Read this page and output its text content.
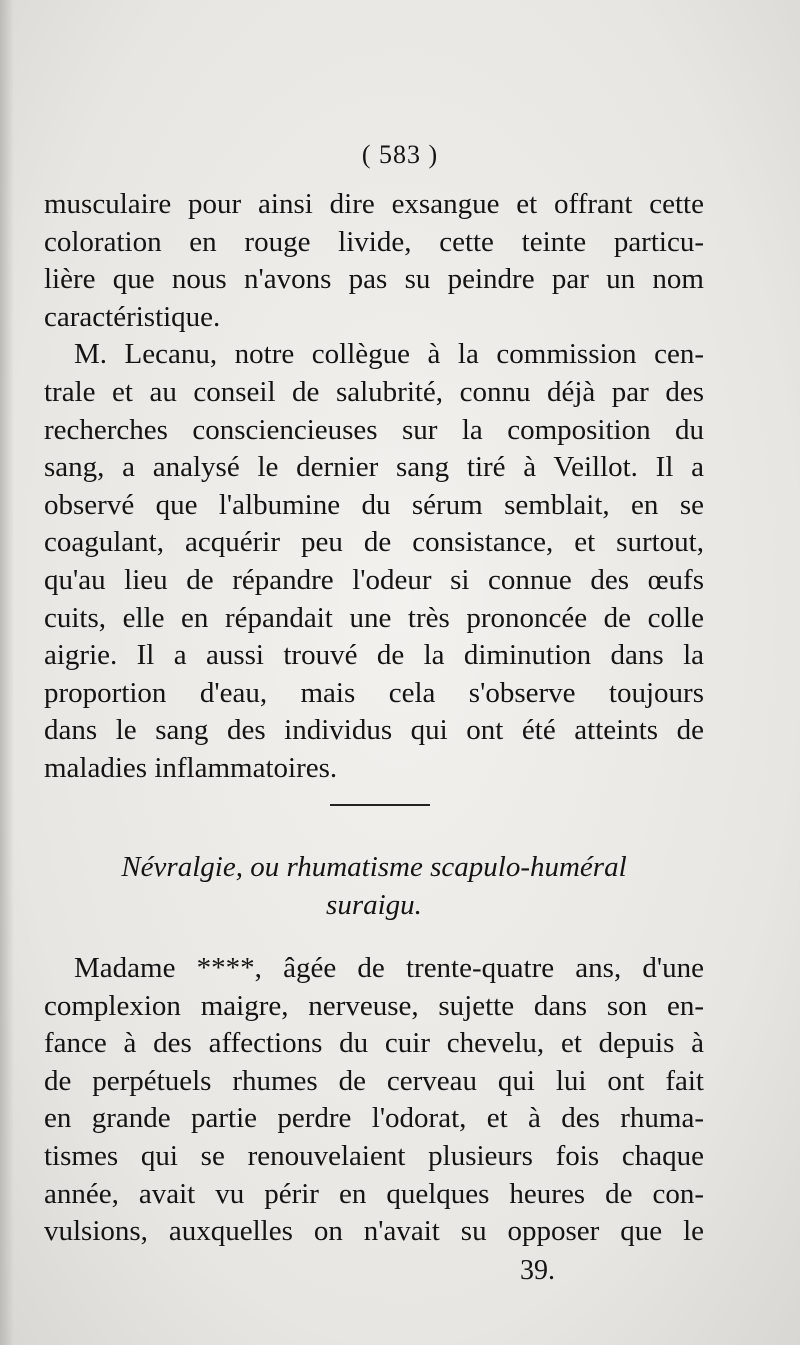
( 583 )
musculaire pour ainsi dire exsangue et offrant cette
coloration en rouge livide, cette teinte particu-
lière que nous n'avons pas su peindre par un nom
caractéristique.
M. Lecanu, notre collègue à la commission cen-
trale et au conseil de salubrité, connu déjà par des
recherches consciencieuses sur la composition du
sang, a analysé le dernier sang tiré à Veillot. Il a
observé que l'albumine du sérum semblait, en se
coagulant, acquérir peu de consistance, et surtout,
qu'au lieu de répandre l'odeur si connue des œufs
cuits, elle en répandait une très prononcée de colle
aigrie. Il a aussi trouvé de la diminution dans la
proportion d'eau, mais cela s'observe toujours
dans le sang des individus qui ont été atteints de
maladies inflammatoires.
Névralgie, ou rhumatisme scapulo-huméral
suraigu.
Madame ****, âgée de trente-quatre ans, d'une
complexion maigre, nerveuse, sujette dans son en-
fance à des affections du cuir chevelu, et depuis à
de perpétuels rhumes de cerveau qui lui ont fait
en grande partie perdre l'odorat, et à des rhuma-
tismes qui se renouvelaient plusieurs fois chaque
année, avait vu périr en quelques heures de con-
vulsions, auxquelles on n'avait su opposer que le
39.
